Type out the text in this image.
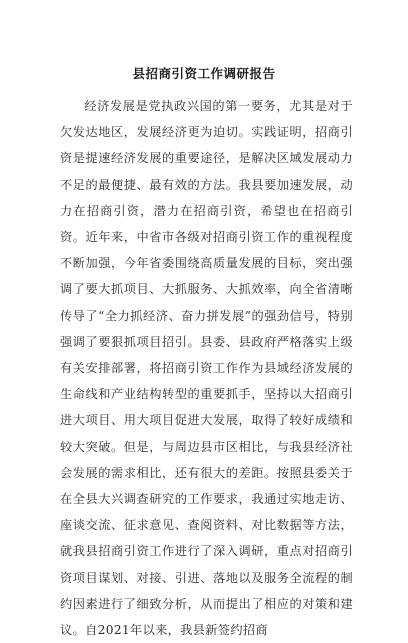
县招商引资工作调研报告

经济发展是党执政兴国的第一要务，尤其是对于欠发达地区，发展经济更为迫切。实践证明，招商引资是提速经济发展的重要途径，是解决区域发展动力不足的最便捷、最有效的方法。我县要加速发展，动力在招商引资，潜力在招商引资，希望也在招商引资。近年来，中省市各级对招商引资工作的重视程度不断加强，今年省委围绕高质量发展的目标，突出强调了要大抓项目、大抓服务、大抓效率，向全省清晰传导了“全力抓经济、奋力拼发展”的强劲信号，特别强调了要狠抓项目招引。县委、县政府严格落实上级有关安排部署，将招商引资工作作为县域经济发展的生命线和产业结构转型的重要抓手，坚持以大招商引进大项目、用大项目促进大发展，取得了较好成绩和较大突破。但是，与周边县市区相比，与我县经济社会发展的需求相比，还有很大的差距。按照县委关于在全县大兴调查研究的工作要求，我通过实地走访、座谈交流、征求意见、查阅资料、对比数据等方法，就我县招商引资工作进行了深入调研，重点对招商引资项目谋划、对接、引进、落地以及服务全流程的制约因素进行了细致分析，从而提出了相应的对策和建议。自2021年以来，我县新签约招商
